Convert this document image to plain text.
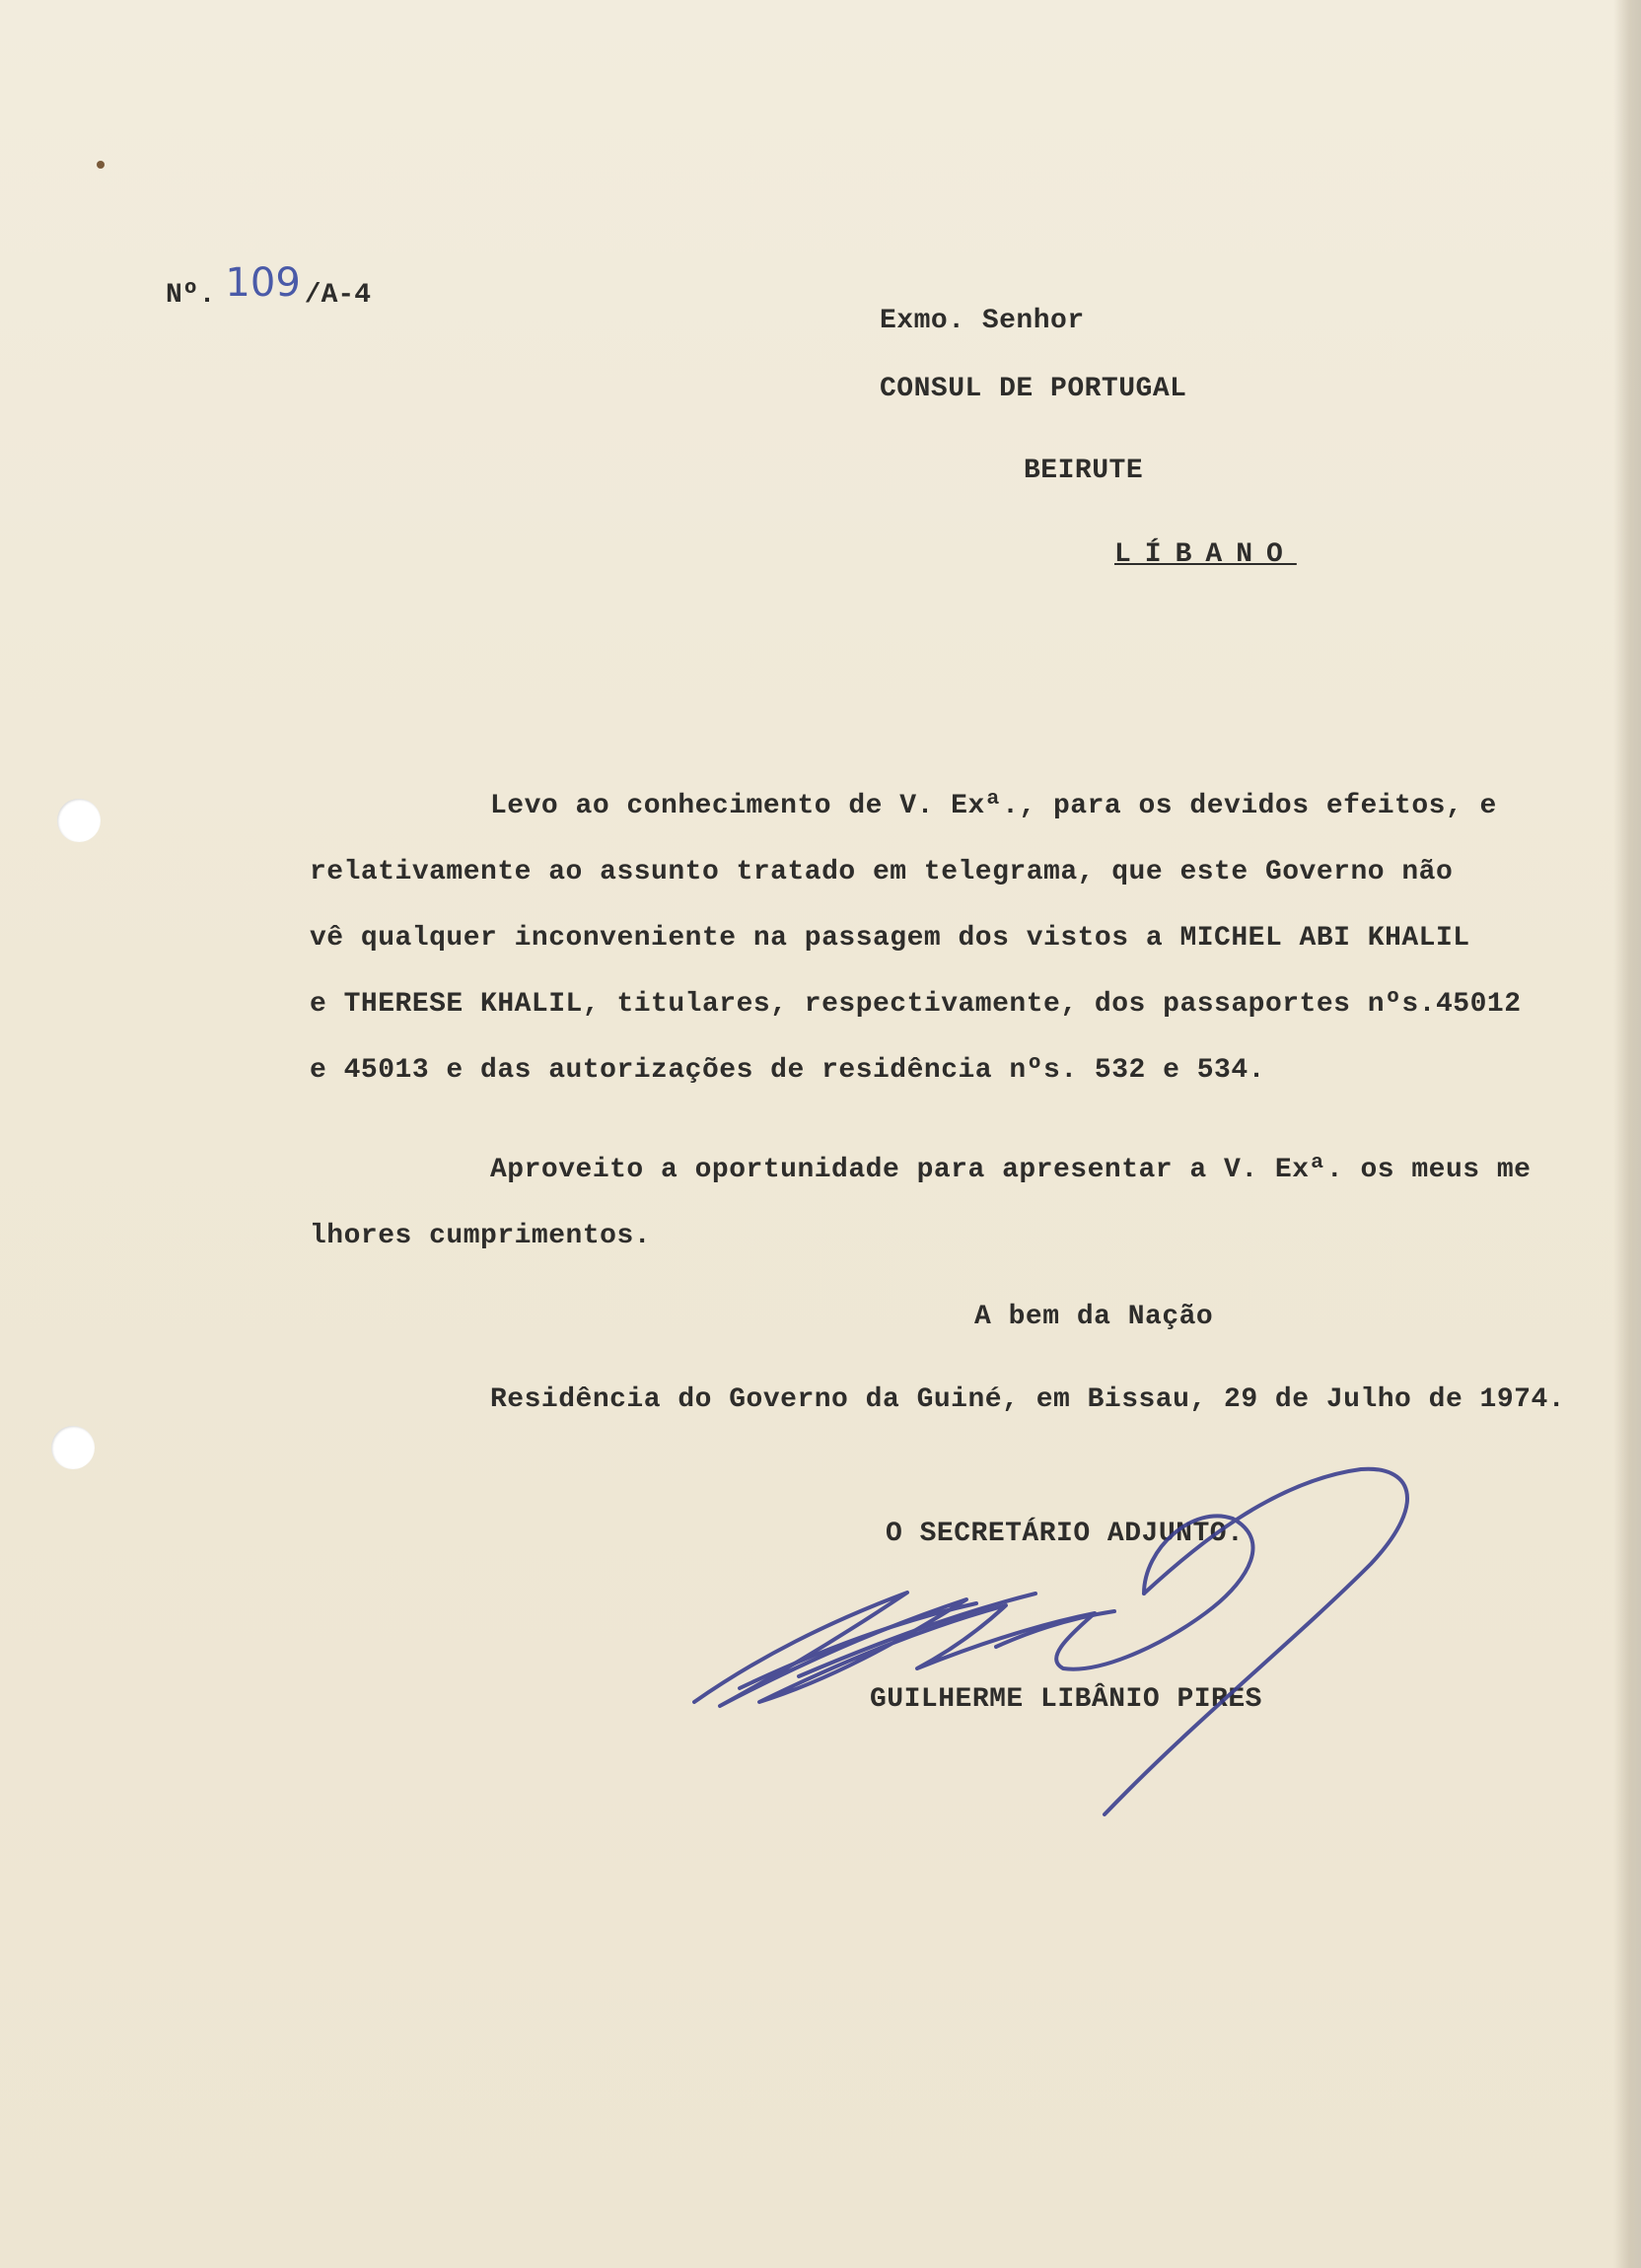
Nº. 109 /A-4
Exmo. Senhor
CONSUL DE PORTUGAL
BEIRUTE
LÍBANO
Levo ao conhecimento de V. Exª., para os devidos efeitos, e
relativamente ao assunto tratado em telegrama, que este Governo não
vê qualquer inconveniente na passagem dos vistos a MICHEL ABI KHALIL
e THERESE KHALIL, titulares, respectivamente, dos passaportes nºs.45012
e 45013 e das autorizações de residência nºs. 532 e 534.
Aproveito a oportunidade para apresentar a V. Exª. os meus me
lhores cumprimentos.
A bem da Nação
Residência do Governo da Guiné, em Bissau, 29 de Julho de 1974.
O SECRETÁRIO ADJUNTO.
GUILHERME LIBÂNIO PIRES
